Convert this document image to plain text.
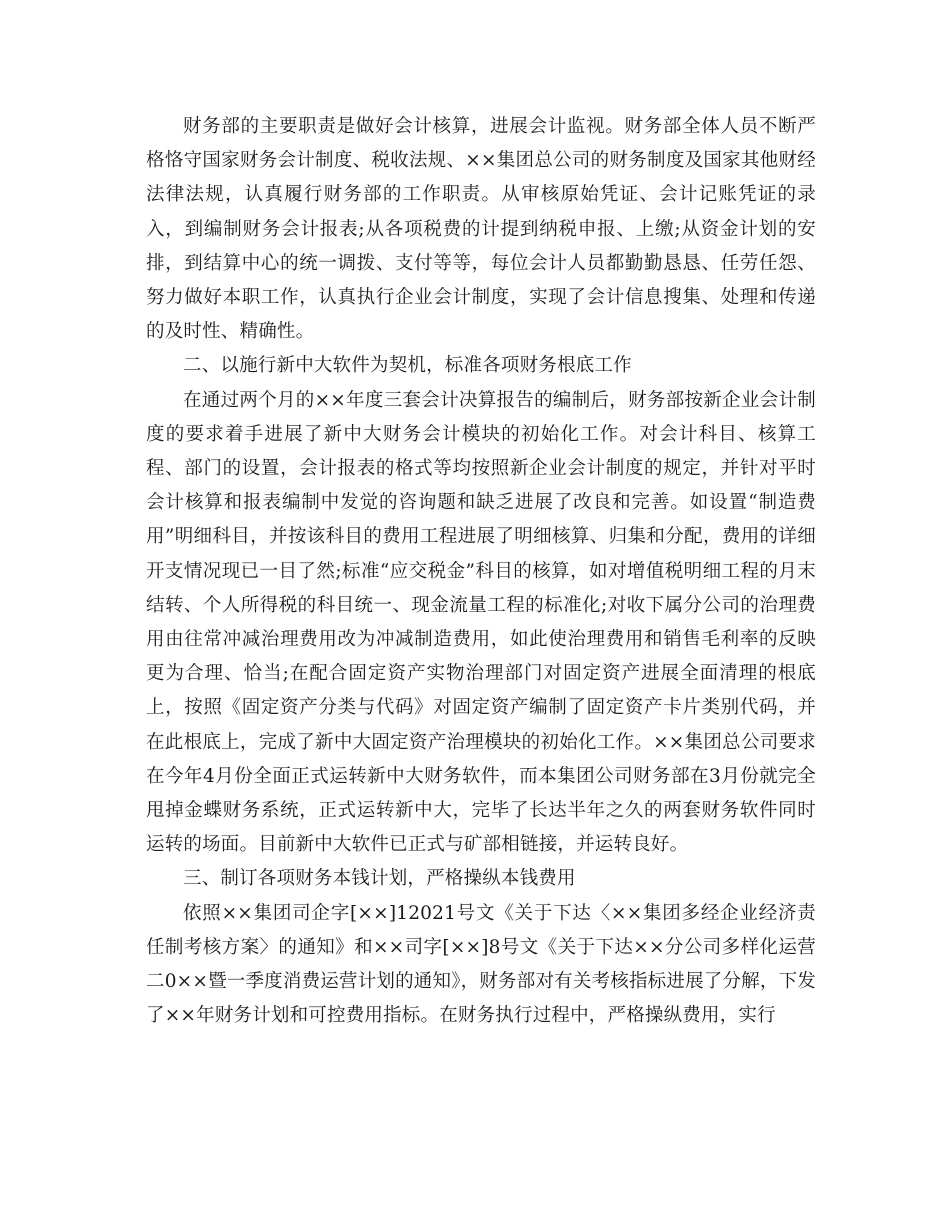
财务部的主要职责是做好会计核算，进展会计监视。财务部全体人员不断严格恪守国家财务会计制度、税收法规、××集团总公司的财务制度及国家其他财经法律法规，认真履行财务部的工作职责。从审核原始凭证、会计记账凭证的录入，到编制财务会计报表;从各项税费的计提到纳税申报、上缴;从资金计划的安排，到结算中心的统一调拨、支付等等，每位会计人员都勤勤恳恳、任劳任怨、努力做好本职工作，认真执行企业会计制度，实现了会计信息搜集、处理和传递的及时性、精确性。

二、以施行新中大软件为契机，标准各项财务根底工作

在通过两个月的××年度三套会计决算报告的编制后，财务部按新企业会计制度的要求着手进展了新中大财务会计模块的初始化工作。对会计科目、核算工程、部门的设置，会计报表的格式等均按照新企业会计制度的规定，并针对平时会计核算和报表编制中发觉的咨询题和缺乏进展了改良和完善。如设置“制造费用”明细科目，并按该科目的费用工程进展了明细核算、归集和分配，费用的详细开支情况现已一目了然;标准“应交税金”科目的核算，如对增值税明细工程的月末结转、个人所得税的科目统一、现金流量工程的标准化;对收下属分公司的治理费用由往常冲减治理费用改为冲减制造费用，如此使治理费用和销售毛利率的反映更为合理、恰当;在配合固定资产实物治理部门对固定资产进展全面清理的根底上，按照《固定资产分类与代码》对固定资产编制了固定资产卡片类别代码，并在此根底上，完成了新中大固定资产治理模块的初始化工作。××集团总公司要求在今年4月份全面正式运转新中大财务软件，而本集团公司财务部在3月份就完全甩掉金蝶财务系统，正式运转新中大，完毕了长达半年之久的两套财务软件同时运转的场面。目前新中大软件已正式与矿部相链接，并运转良好。

三、制订各项财务本钱计划，严格操纵本钱费用

依照××集团司企字[××]12021号文《关于下达〈××集团多经企业经济责任制考核方案〉的通知》和××司字[××]8号文《关于下达××分公司多样化运营二0××暨一季度消费运营计划的通知》，财务部对有关考核指标进展了分解，下发了××年财务计划和可控费用指标。在财务执行过程中，严格操纵费用，实行
